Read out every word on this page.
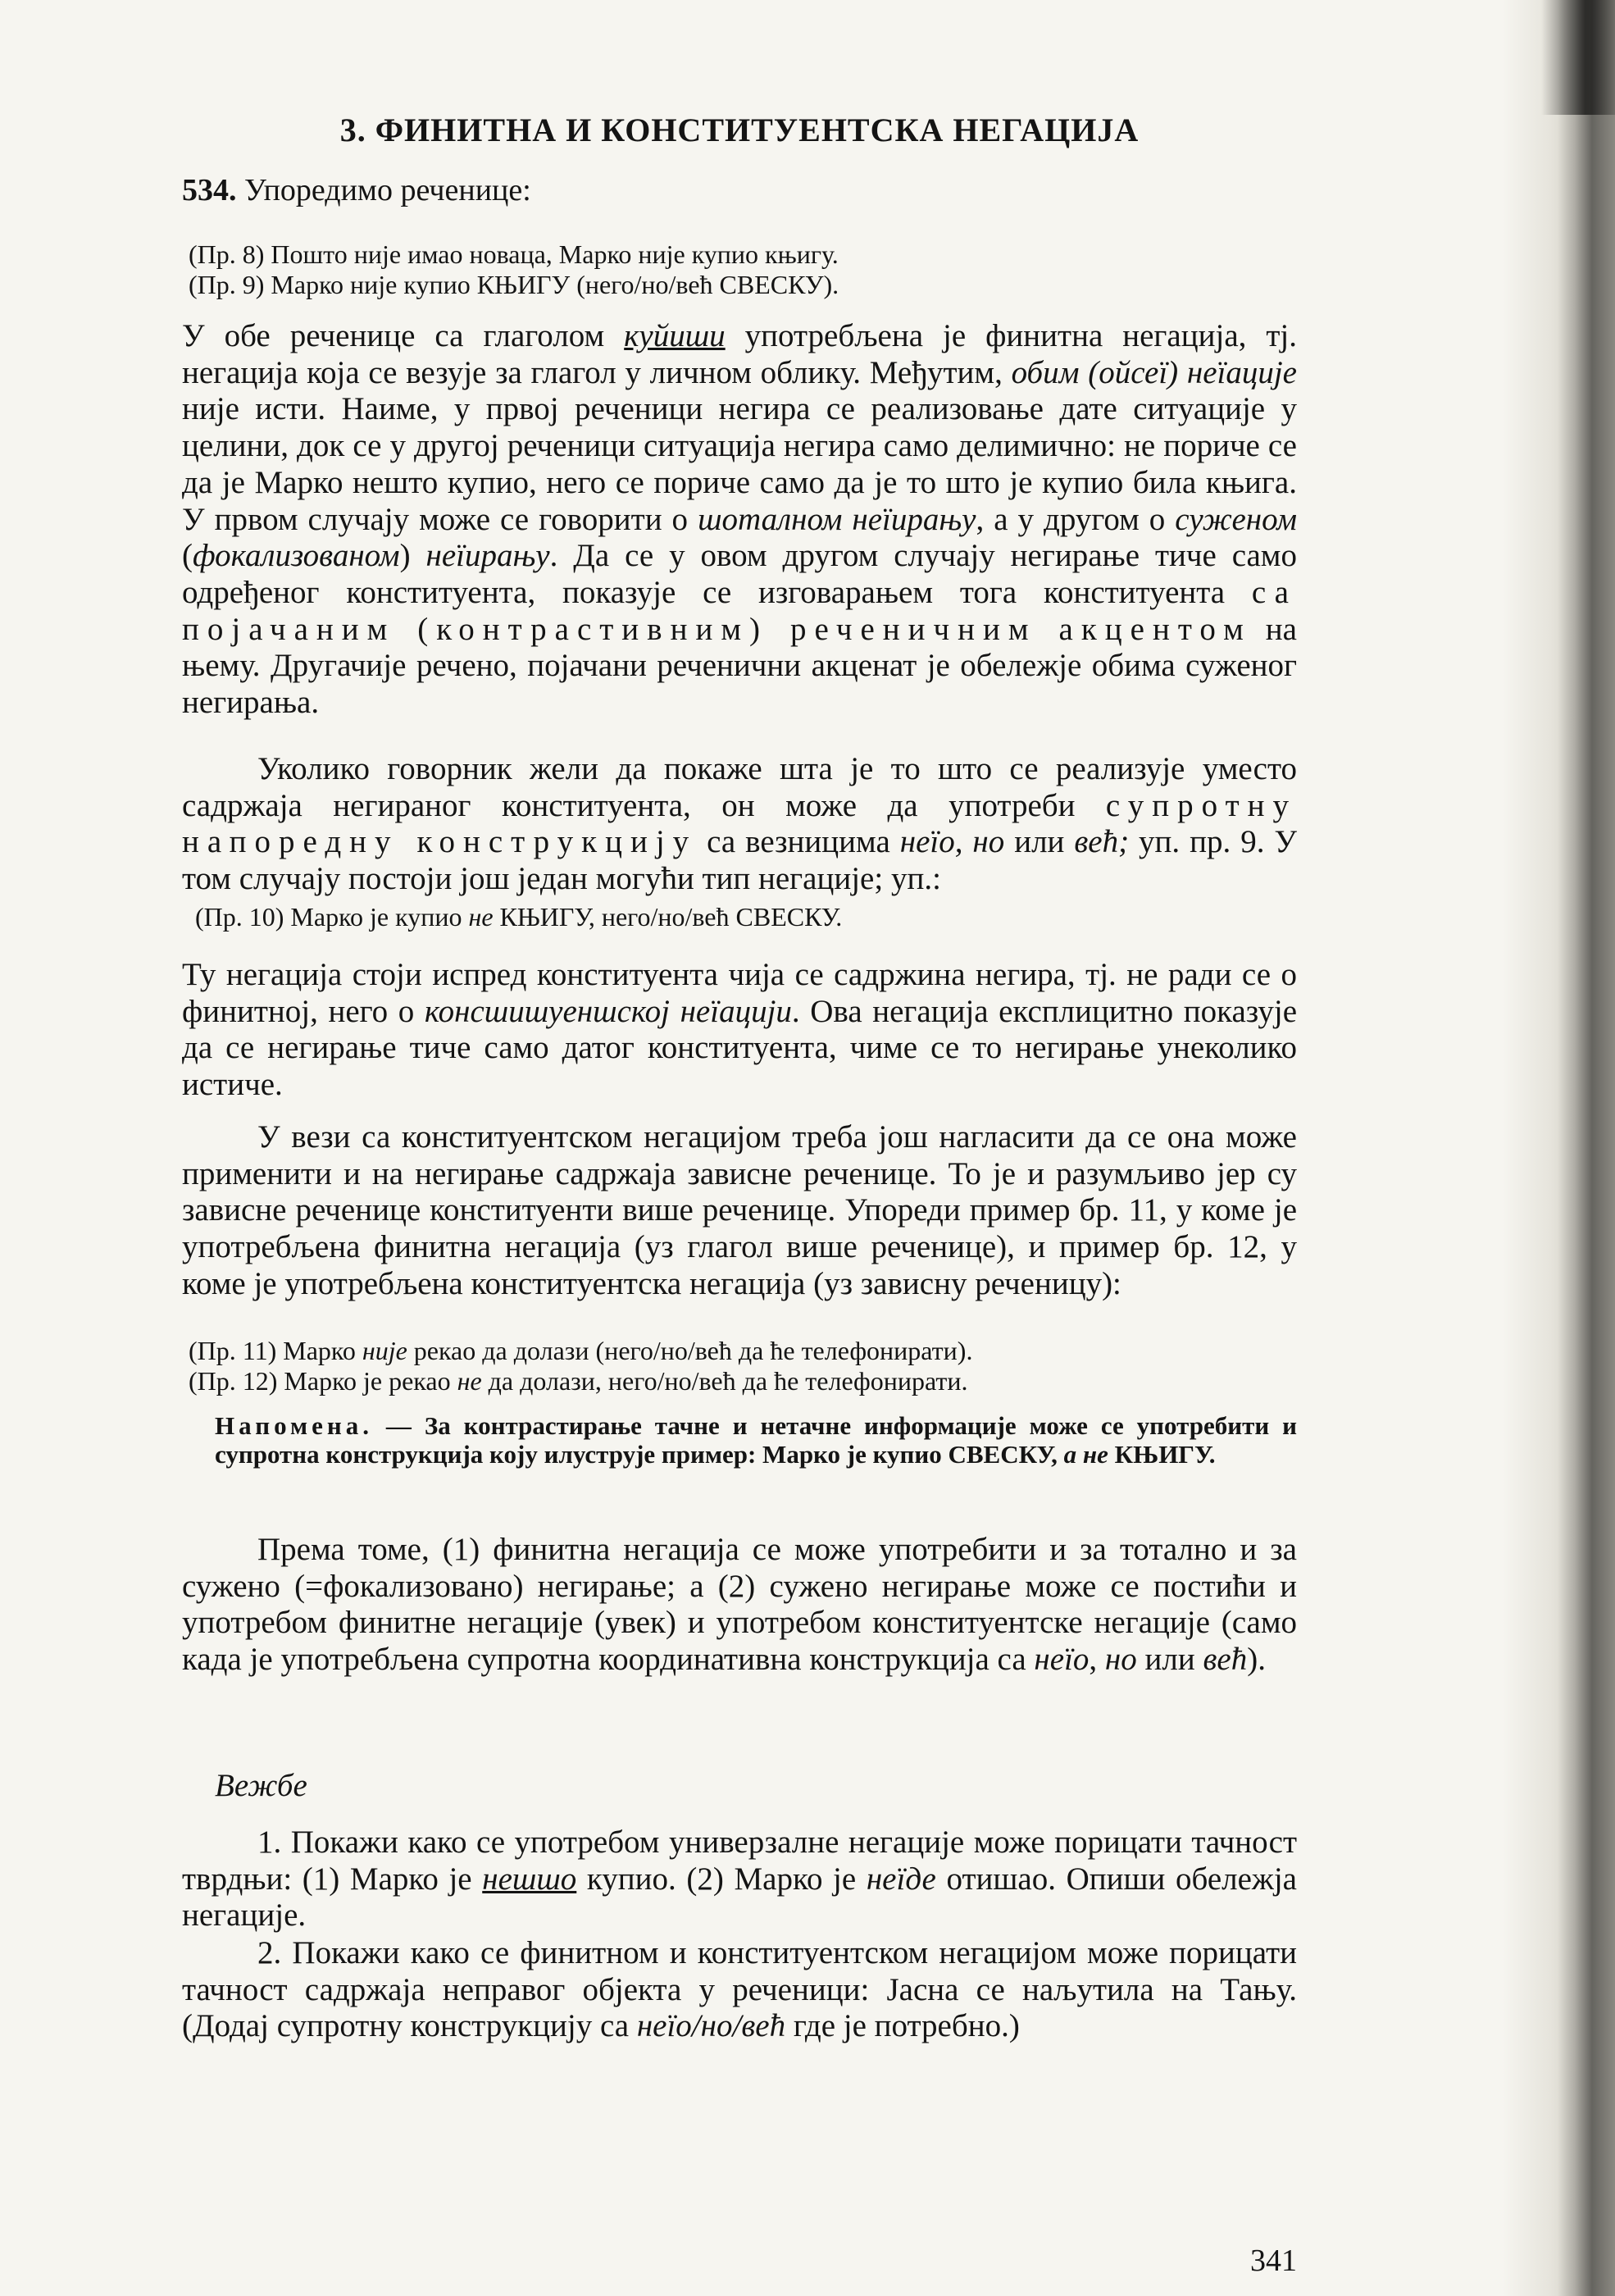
3. ФИНИТНА И КОНСТИТУЕНТСКА НЕГАЦИЈА

534. Упоредимо реченице:

(Пр. 8) Пошто није имао новаца, Марко није купио књигу.

(Пр. 9) Марко није купио КЊИГУ (него/но/већ СВЕСКУ).

У обе реченице са глаголом куйиши употребљена је финитна негација, тј. негација која се везује за глагол у личном облику. Међутим, обим (ойсеї) неїације није исти. Наиме, у првој реченици негира се реализовање дате ситуације у целини, док се у другој реченици ситуација негира само делимично: не пориче се да је Марко нешто купио, него се пориче само да је то што је купио била књига. У првом случају може се говорити о шоталном неїирању, а у другом о суженом (фокализованом) неїирању. Да се у овом другом случају негирање тиче само одређеног конституента, показује се изговарањем тога конституента са појачаним (контрастивним) реченичним акцентом на њему. Другачије речено, појачани реченични акценат је обележје обима суженог негирања.

Уколико говорник жели да покаже шта је то што се реализује уместо садржаја негираног конституента, он може да употреби супротну напоредну конструкцију са везницима неїо, но или већ; уп. пр. 9. У том случају постоји још један могући тип негације; уп.:

(Пр. 10) Марко је купио не КЊИГУ, него/но/већ СВЕСКУ.

Ту негација стоји испред конституента чија се садржина негира, тј. не ради се о финитној, него о консшишуеншској неїацији. Ова негација експлицитно показује да се негирање тиче само датог конституента, чиме се то негирање унеколико истиче.

У вези са конституентском негацијом треба још нагласити да се она може применити и на негирање садржаја зависне реченице. То је и разумљиво јер су зависне реченице конституенти више реченице. Упореди пример бр. 11, у коме је употребљена финитна негација (уз глагол више реченице), и пример бр. 12, у коме је употребљена конституентска негација (уз зависну реченицу):

(Пр. 11) Марко није рекао да долази (него/но/већ да ће телефонирати).

(Пр. 12) Марко је рекао не да долази, него/но/већ да ће телефонирати.

Напомена. — За контрастирање тачне и нетачне информације може се употребити и супротна конструкција коју илуструје пример: Марко је купио СВЕСКУ, а не КЊИГУ.

Према томе, (1) финитна негација се може употребити и за тотално и за сужено (=фокализовано) негирање; а (2) сужено негирање може се постићи и употребом финитне негације (увек) и употребом конституентске негације (само када је употребљена супротна координативна конструкција са неїо, но или већ).

Вежбе

1. Покажи како се употребом универзалне негације може порицати тачност тврдњи: (1) Марко је нешшо купио. (2) Марко је неїде отишао. Опиши обележја негације.

2. Покажи како се финитном и конституентском негацијом може порицати тачност садржаја неправог објекта у реченици: Јасна се наљутила на Тању. (Додај супротну конструкцију са неїо/но/већ где је потребно.)

341
